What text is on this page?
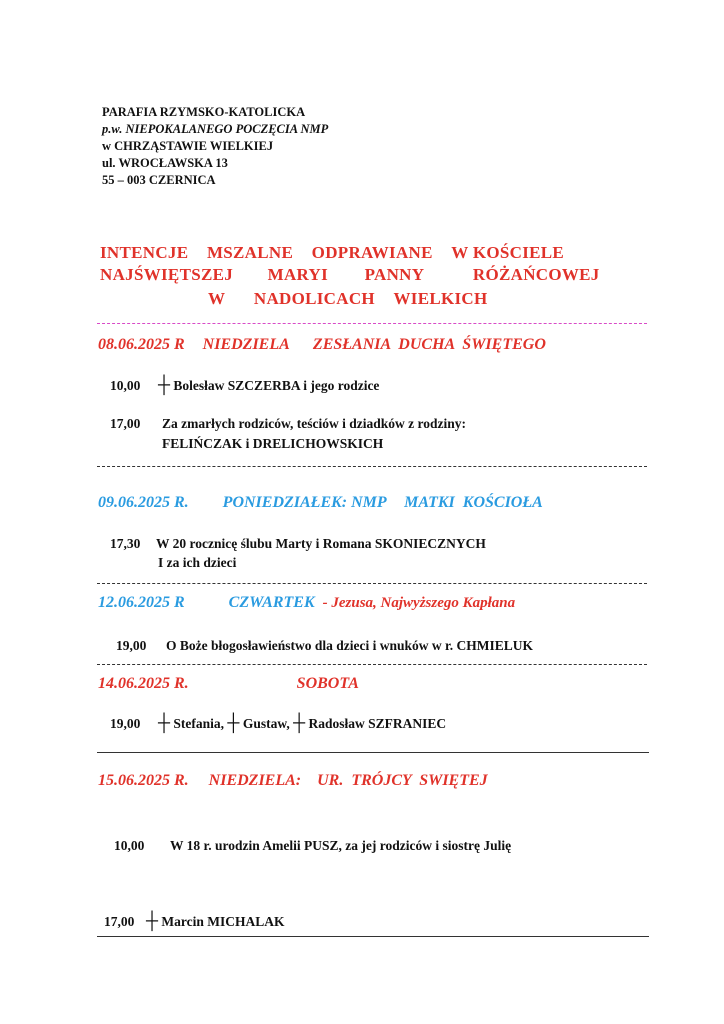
PARAFIA RZYMSKO-KATOLICKA
p.w. NIEPOKALANEGO POCZĘCIA NMP
w CHRZĄSTAWIE WIELKIEJ
ul. WROCŁAWSKA 13
55 – 003 CZERNICA
INTENCJE MSZALNE ODPRAWIANE W KOŚCIELE
NAJŚWIĘTSZEJ MARYI PANNY	RÓŻAŃCOWEJ
W NADOLICACH WIELKICH
08.06.2025 R NIEDZIELA ZESŁANIA  DUCHA  ŚWIĘTEGO
10,00 ┼ Bolesław SZCZERBA i jego rodzice
17,00 Za zmarłych rodziców, teściów i dziadków z rodziny:
FELIŃCZAK i DRELICHOWSKICH
09.06.2025 R. PONIEDZIAŁEK: NMP MATKI  KOŚCIOŁA
17,30 W 20 rocznicę ślubu Marty i Romana SKONIECZNYCH
I za ich dzieci
12.06.2025 R	CZWARTEK - Jezusa, Najwyższego Kapłana
19,00 O Boże błogosławieństwo dla dzieci i wnuków w r. CHMIELUK
14.06.2025 R.	SOBOTA
19,00 ┼ Stefania, ┼ Gustaw, ┼ Radosław SZFRANIEC
15.06.2025 R. NIEDZIELA: UR.  TRÓJCY  SWIĘTEJ
10,00 W 18 r. urodzin Amelii PUSZ, za jej rodziców i siostrę Julię
17,00 ┼ Marcin MICHALAK
